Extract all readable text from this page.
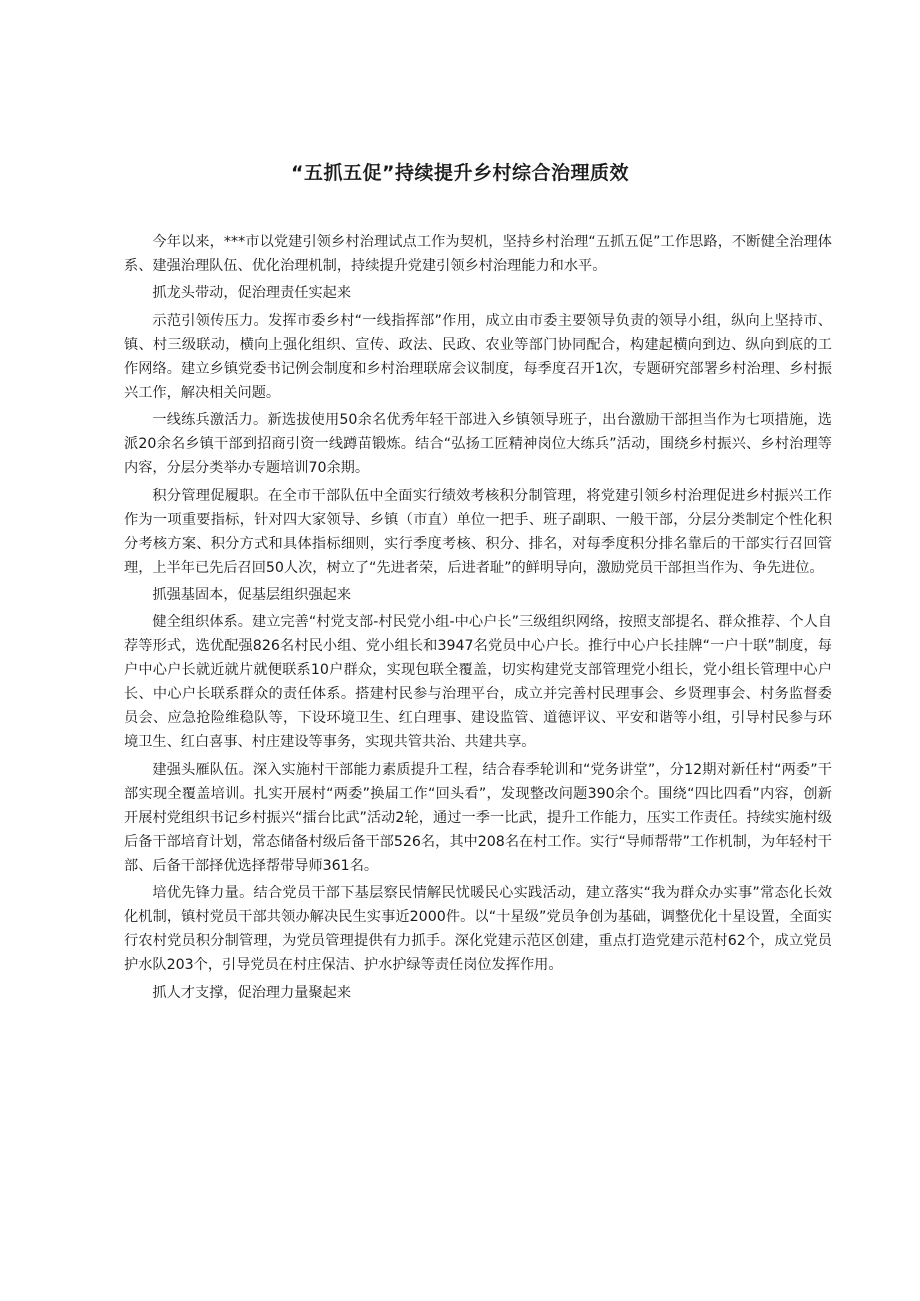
“五抓五促”持续提升乡村综合治理质效

今年以来，***市以党建引领乡村治理试点工作为契机，坚持乡村治理“五抓五促”工作思路，不断健全治理体系、建强治理队伍、优化治理机制，持续提升党建引领乡村治理能力和水平。

抓龙头带动，促治理责任实起来

示范引领传压力。发挥市委乡村“一线指挥部”作用，成立由市委主要领导负责的领导小组，纵向上坚持市、镇、村三级联动，横向上强化组织、宣传、政法、民政、农业等部门协同配合，构建起横向到边、纵向到底的工作网络。建立乡镇党委书记例会制度和乡村治理联席会议制度，每季度召开1次，专题研究部署乡村治理、乡村振兴工作，解决相关问题。

一线练兵激活力。新选拔使用50余名优秀年轻干部进入乡镇领导班子，出台激励干部担当作为七项措施，选派20余名乡镇干部到招商引资一线蹲苗锻炼。结合“弘扬工匠精神岗位大练兵”活动，围绕乡村振兴、乡村治理等内容，分层分类举办专题培训70余期。

积分管理促履职。在全市干部队伍中全面实行绩效考核积分制管理，将党建引领乡村治理促进乡村振兴工作作为一项重要指标，针对四大家领导、乡镇（市直）单位一把手、班子副职、一般干部，分层分类制定个性化积分考核方案、积分方式和具体指标细则，实行季度考核、积分、排名，对每季度积分排名靠后的干部实行召回管理，上半年已先后召回50人次，树立了“先进者荣，后进者耻”的鲜明导向，激励党员干部担当作为、争先进位。

抓强基固本，促基层组织强起来

健全组织体系。建立完善“村党支部-村民党小组-中心户长”三级组织网络，按照支部提名、群众推荐、个人自荐等形式，选优配强826名村民小组、党小组长和3947名党员中心户长。推行中心户长挂牌“一户十联”制度，每户中心户长就近就片就便联系10户群众，实现包联全覆盖，切实构建党支部管理党小组长，党小组长管理中心户长、中心户长联系群众的责任体系。搭建村民参与治理平台，成立并完善村民理事会、乡贤理事会、村务监督委员会、应急抢险维稳队等，下设环境卫生、红白理事、建设监管、道德评议、平安和谐等小组，引导村民参与环境卫生、红白喜事、村庄建设等事务，实现共管共治、共建共享。

建强头雁队伍。深入实施村干部能力素质提升工程，结合春季轮训和“党务讲堂”，分12期对新任村“两委”干部实现全覆盖培训。扎实开展村“两委”换届工作“回头看”，发现整改问题390余个。围绕“四比四看”内容，创新开展村党组织书记乡村振兴“擂台比武”活动2轮，通过一季一比武，提升工作能力，压实工作责任。持续实施村级后备干部培育计划，常态储备村级后备干部526名，其中208名在村工作。实行“导师帮带”工作机制，为年轻村干部、后备干部择优选择帮带导师361名。

培优先锋力量。结合党员干部下基层察民情解民忧暖民心实践活动，建立落实“我为群众办实事”常态化长效化机制，镇村党员干部共领办解决民生实事近2000件。以“十星级”党员争创为基础，调整优化十星设置，全面实行农村党员积分制管理，为党员管理提供有力抓手。深化党建示范区创建，重点打造党建示范村62个，成立党员护水队203个，引导党员在村庄保洁、护水护绿等责任岗位发挥作用。

抓人才支撑，促治理力量聚起来
